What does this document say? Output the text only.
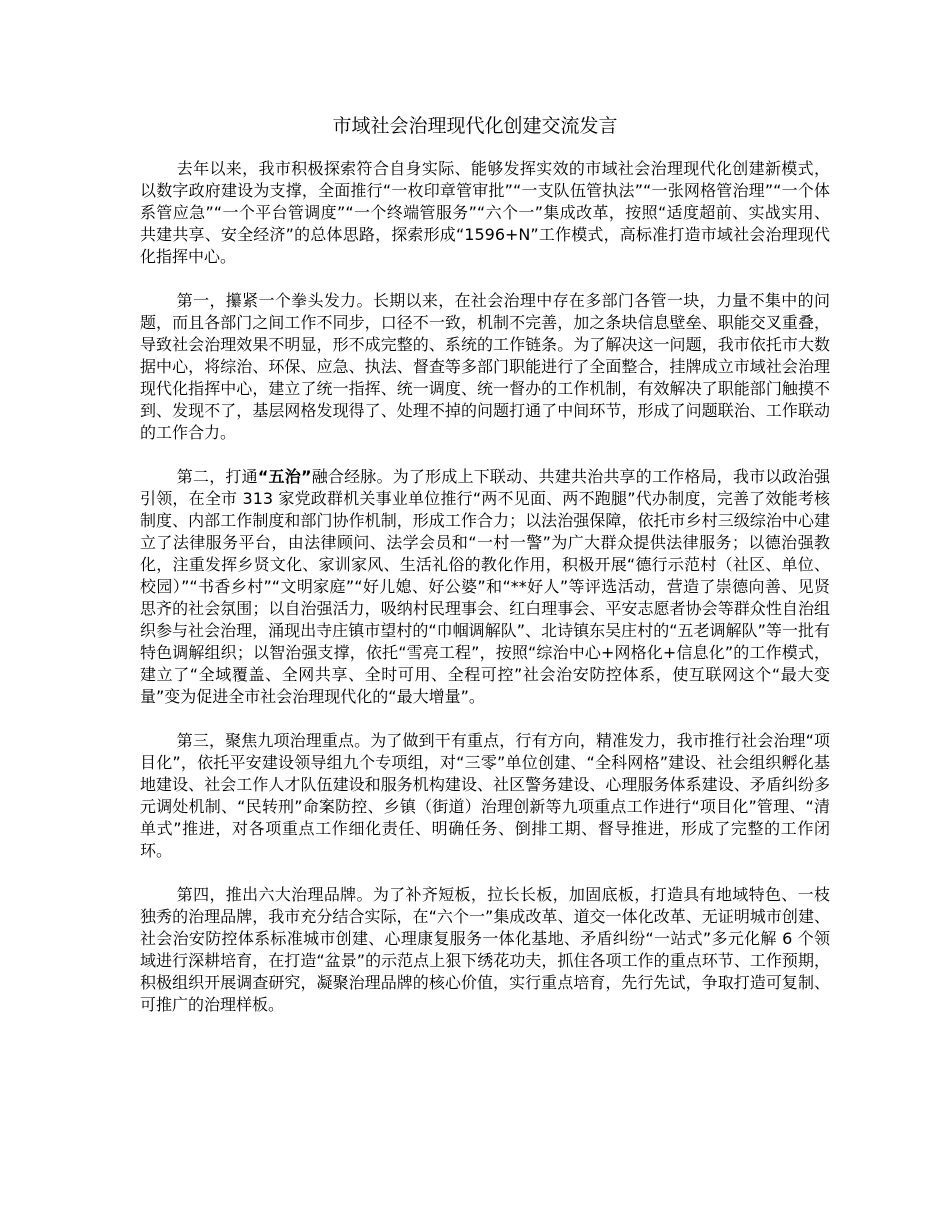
市域社会治理现代化创建交流发言

去年以来，我市积极探索符合自身实际、能够发挥实效的市域社会治理现代化创建新模式，以数字政府建设为支撑，全面推行“一枚印章管审批”“一支队伍管执法”“一张网格管治理”“一个体系管应急”“一个平台管调度”“一个终端管服务”“六个一”集成改革，按照“适度超前、实战实用、共建共享、安全经济”的总体思路，探索形成“1596+N”工作模式，高标准打造市域社会治理现代化指挥中心。

第一，攥紧一个拳头发力。长期以来，在社会治理中存在多部门各管一块，力量不集中的问题，而且各部门之间工作不同步，口径不一致，机制不完善，加之条块信息壁垒、职能交叉重叠，导致社会治理效果不明显，形不成完整的、系统的工作链条。为了解决这一问题，我市依托市大数据中心，将综治、环保、应急、执法、督查等多部门职能进行了全面整合，挂牌成立市域社会治理现代化指挥中心，建立了统一指挥、统一调度、统一督办的工作机制，有效解决了职能部门触摸不到、发现不了，基层网格发现得了、处理不掉的问题打通了中间环节，形成了问题联治、工作联动的工作合力。

第二，打通“五治”融合经脉。为了形成上下联动、共建共治共享的工作格局，我市以政治强引领，在全市 313 家党政群机关事业单位推行“两不见面、两不跑腿”代办制度，完善了效能考核制度、内部工作制度和部门协作机制，形成工作合力；以法治强保障，依托市乡村三级综治中心建立了法律服务平台，由法律顾问、法学会员和“一村一警”为广大群众提供法律服务；以德治强教化，注重发挥乡贤文化、家训家风、生活礼俗的教化作用，积极开展“德行示范村（社区、单位、校园）”“书香乡村”“文明家庭”“好儿媳、好公婆”和“**好人”等评选活动，营造了崇德向善、见贤思齐的社会氛围；以自治强活力，吸纳村民理事会、红白理事会、平安志愿者协会等群众性自治组织参与社会治理，涌现出寺庄镇市望村的“巾帼调解队”、北诗镇东吴庄村的“五老调解队”等一批有特色调解组织；以智治强支撑，依托“雪亮工程”，按照“综治中心+网格化+信息化”的工作模式，建立了“全域覆盖、全网共享、全时可用、全程可控”社会治安防控体系，使互联网这个“最大变量”变为促进全市社会治理现代化的“最大增量”。

第三，聚焦九项治理重点。为了做到干有重点，行有方向，精准发力，我市推行社会治理“项目化”，依托平安建设领导组九个专项组，对“三零”单位创建、“全科网格”建设、社会组织孵化基地建设、社会工作人才队伍建设和服务机构建设、社区警务建设、心理服务体系建设、矛盾纠纷多元调处机制、“民转刑”命案防控、乡镇（街道）治理创新等九项重点工作进行“项目化”管理、“清单式”推进，对各项重点工作细化责任、明确任务、倒排工期、督导推进，形成了完整的工作闭环。

第四，推出六大治理品牌。为了补齐短板，拉长长板，加固底板，打造具有地域特色、一枝独秀的治理品牌，我市充分结合实际，在“六个一”集成改革、道交一体化改革、无证明城市创建、社会治安防控体系标准城市创建、心理康复服务一体化基地、矛盾纠纷“一站式”多元化解 6 个领域进行深耕培育，在打造“盆景”的示范点上狠下绣花功夫，抓住各项工作的重点环节、工作预期，积极组织开展调查研究，凝聚治理品牌的核心价值，实行重点培育，先行先试，争取打造可复制、可推广的治理样板。
